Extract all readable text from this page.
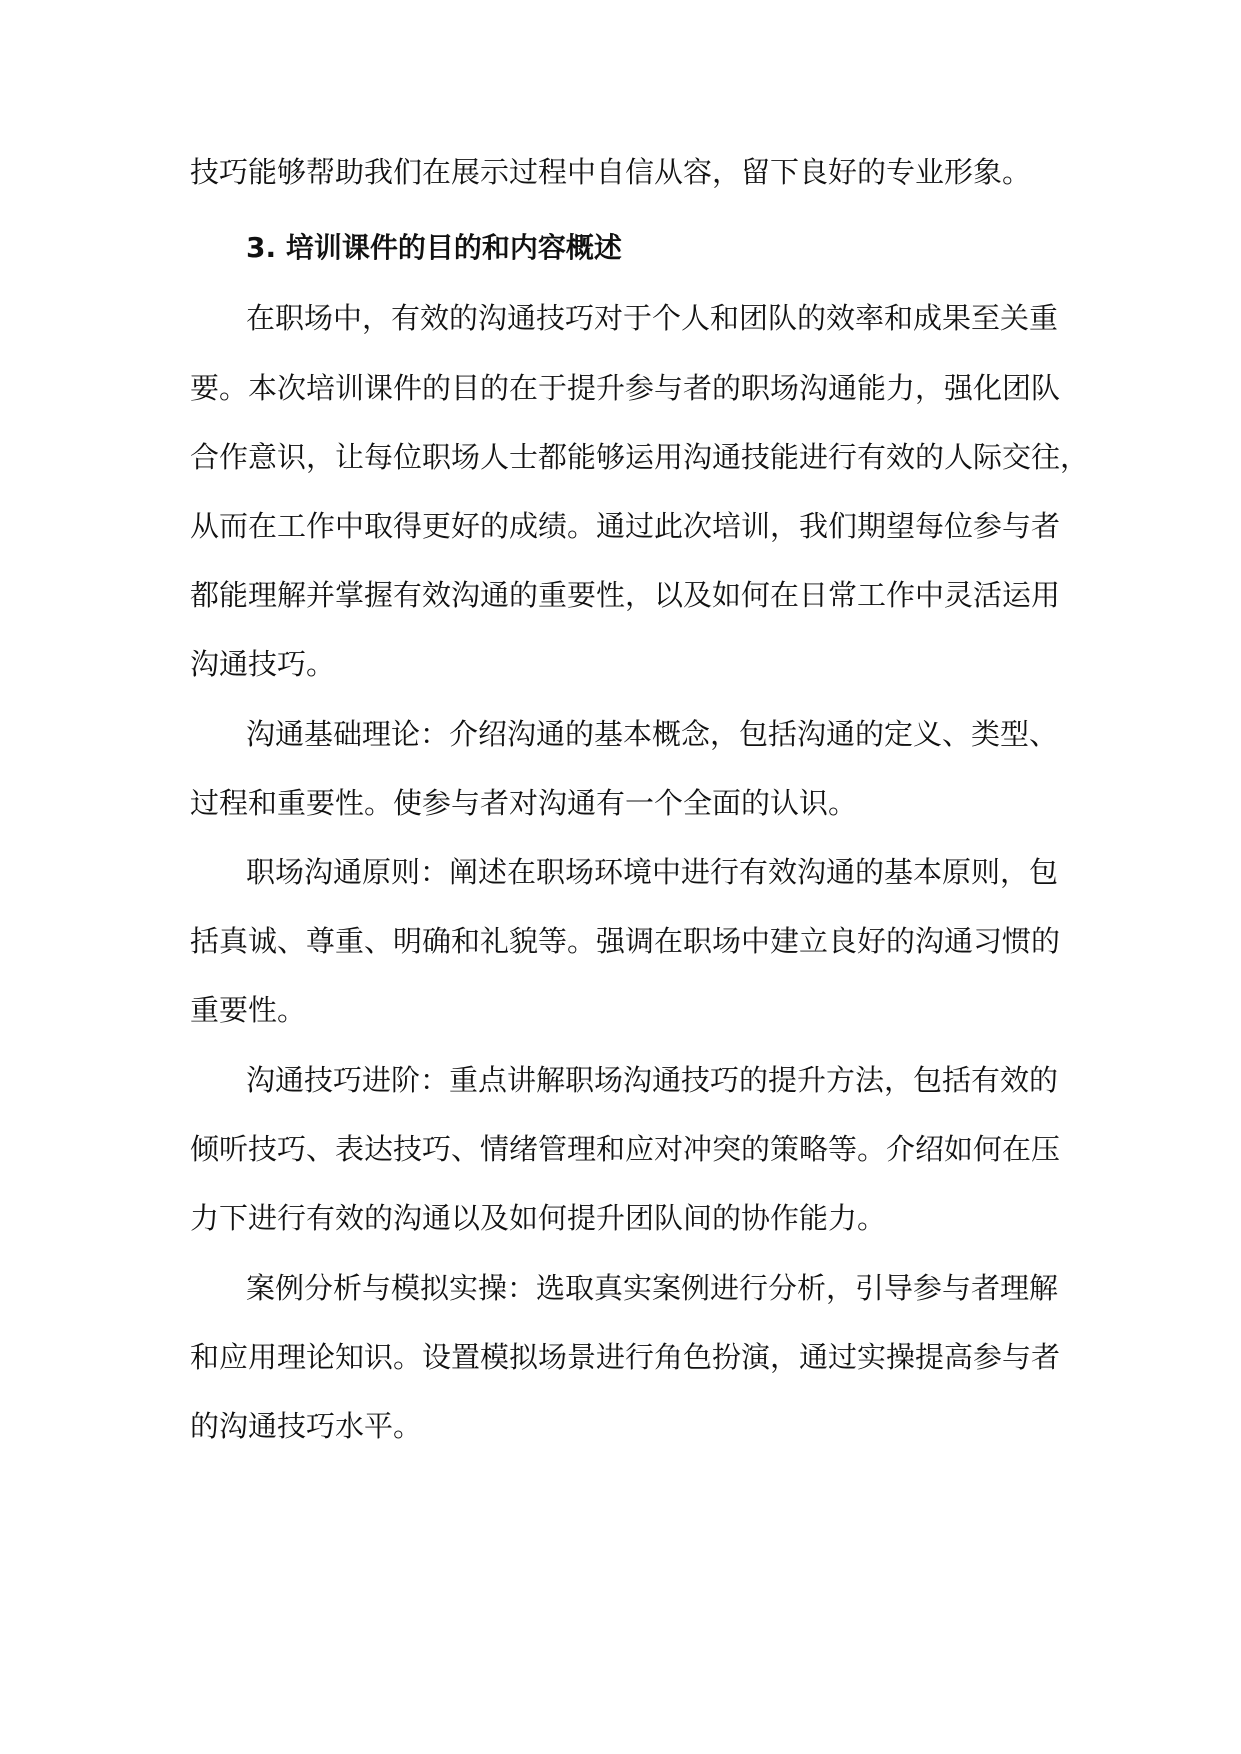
技巧能够帮助我们在展示过程中自信从容，留下良好的专业形象。
3. 培训课件的目的和内容概述
在职场中，有效的沟通技巧对于个人和团队的效率和成果至关重
要。本次培训课件的目的在于提升参与者的职场沟通能力，强化团队
合作意识，让每位职场人士都能够运用沟通技能进行有效的人际交往，
从而在工作中取得更好的成绩。通过此次培训，我们期望每位参与者
都能理解并掌握有效沟通的重要性，以及如何在日常工作中灵活运用
沟通技巧。
沟通基础理论：介绍沟通的基本概念，包括沟通的定义、类型、
过程和重要性。使参与者对沟通有一个全面的认识。
职场沟通原则：阐述在职场环境中进行有效沟通的基本原则，包
括真诚、尊重、明确和礼貌等。强调在职场中建立良好的沟通习惯的
重要性。
沟通技巧进阶：重点讲解职场沟通技巧的提升方法，包括有效的
倾听技巧、表达技巧、情绪管理和应对冲突的策略等。介绍如何在压
力下进行有效的沟通以及如何提升团队间的协作能力。
案例分析与模拟实操：选取真实案例进行分析，引导参与者理解
和应用理论知识。设置模拟场景进行角色扮演，通过实操提高参与者
的沟通技巧水平。
